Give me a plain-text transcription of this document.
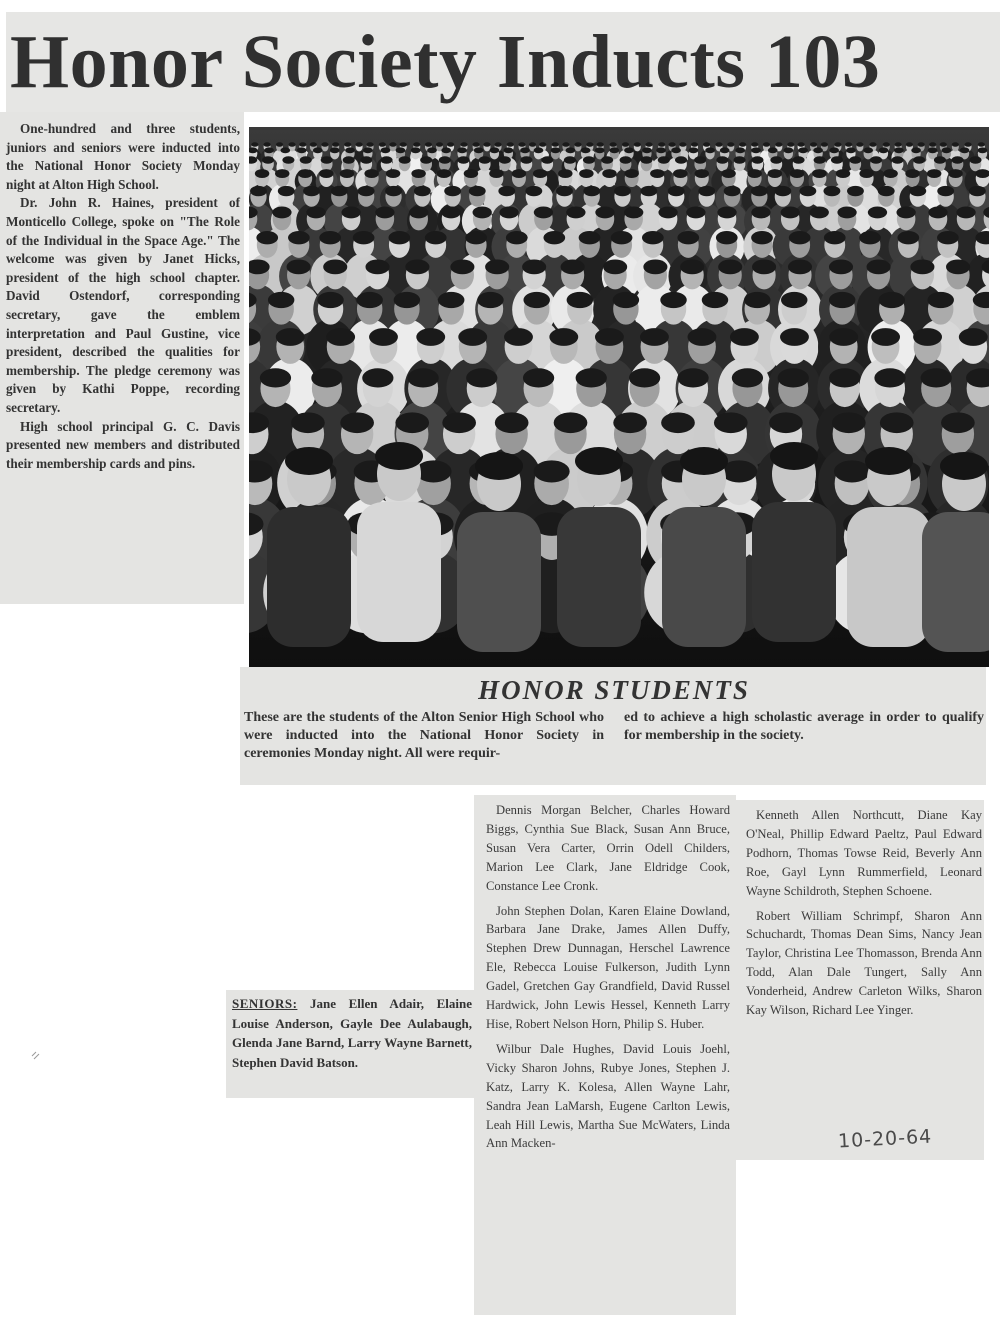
Honor Society Inducts 103

One-hundred and three students, juniors and seniors were inducted into the National Honor Society Monday night at Alton High School.

Dr. John R. Haines, president of Monticello College, spoke on "The Role of the Individual in the Space Age." The welcome was given by Janet Hicks, president of the high school chapter. David Ostendorf, corresponding secretary, gave the emblem interpretation and Paul Gustine, vice president, described the qualities for membership. The pledge ceremony was given by Kathi Poppe, recording secretary.

High school principal G. C. Davis presented new members and distributed their membership cards and pins.

HONOR STUDENTS
These are the students of the Alton Senior High School who were inducted into the National Honor Society in ceremonies Monday night. All were requir-
ed to achieve a high scholastic average in order to qualify for membership in the society.
SENIORS: Jane Ellen Adair, Elaine Louise Anderson, Gayle Dee Aulabaugh, Glenda Jane Barnd, Larry Wayne Barnett, Stephen David Batson.

Dennis Morgan Belcher, Charles Howard Biggs, Cynthia Sue Black, Susan Ann Bruce, Susan Vera Carter, Orrin Odell Childers, Marion Lee Clark, Jane Eldridge Cook, Constance Lee Cronk.

John Stephen Dolan, Karen Elaine Dowland, Barbara Jane Drake, James Allen Duffy, Stephen Drew Dunnagan, Herschel Lawrence Ele, Rebecca Louise Fulkerson, Judith Lynn Gadel, Gretchen Gay Grandfield, David Russel Hardwick, John Lewis Hessel, Kenneth Larry Hise, Robert Nelson Horn, Philip S. Huber.

Wilbur Dale Hughes, David Louis Joehl, Vicky Sharon Johns, Rubye Jones, Stephen J. Katz, Larry K. Kolesa, Allen Wayne Lahr, Sandra Jean LaMarsh, Eugene Carlton Lewis, Leah Hill Lewis, Martha Sue McWaters, Linda Ann Macken-

Kenneth Allen Northcutt, Diane Kay O'Neal, Phillip Edward Paeltz, Paul Edward Podhorn, Thomas Towse Reid, Beverly Ann Roe, Gayl Lynn Rummerfield, Leonard Wayne Schildroth, Stephen Schoene.

Robert William Schrimpf, Sharon Ann Schuchardt, Thomas Dean Sims, Nancy Jean Taylor, Christina Lee Thomasson, Brenda Ann Todd, Alan Dale Tungert, Sally Ann Vonderheid, Andrew Carleton Wilks, Sharon Kay Wilson, Richard Lee Yinger.

10-20-64
